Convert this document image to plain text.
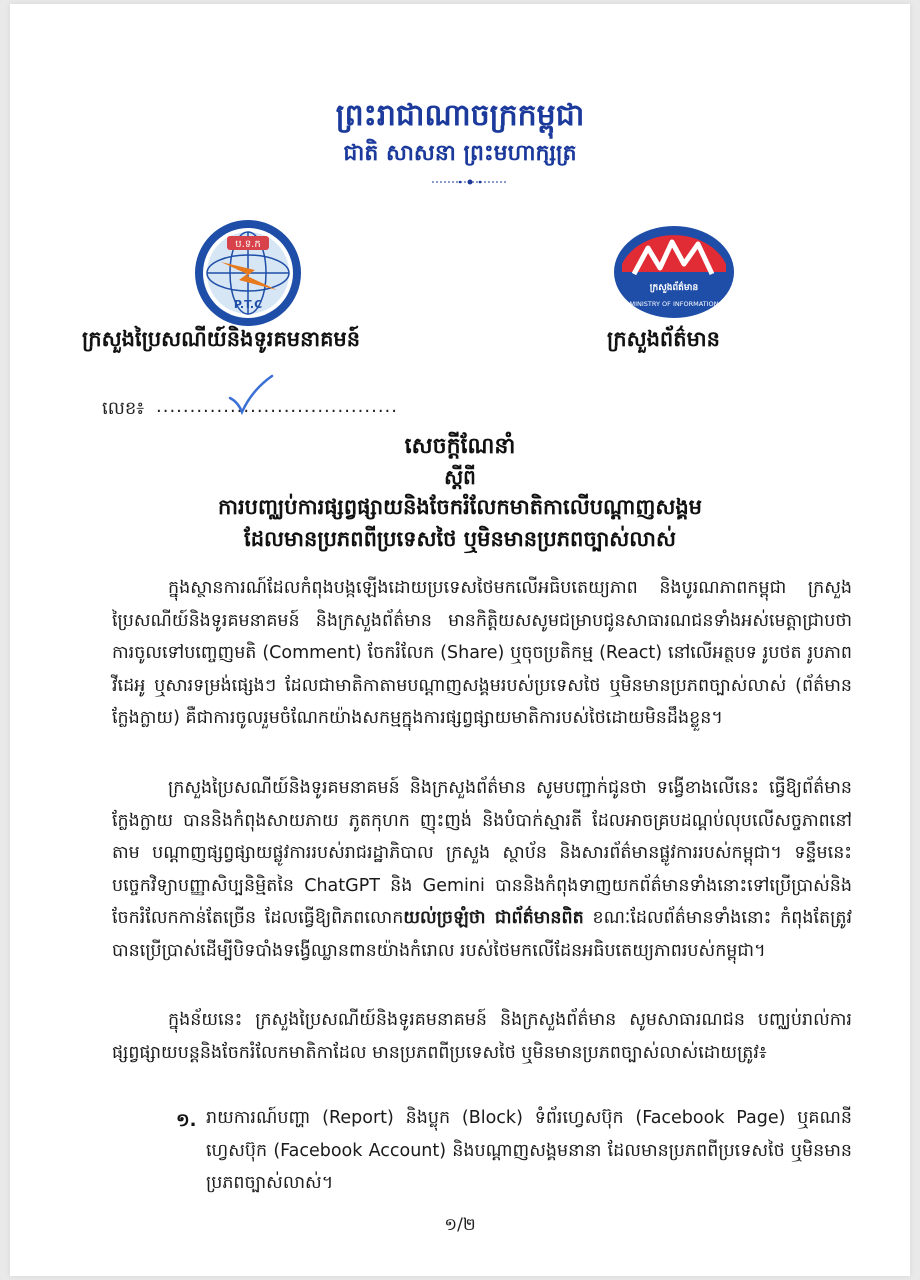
ព្រះរាជាណាចក្រកម្ពុជា
ជាតិ សាសនា ព្រះមហាក្សត្រ
ប.ទ.ក
P.T.C
ក្រសួងព័ត៌មាន
MINISTRY OF INFORMATION
ក្រសួងប្រៃសណីយ៍និងទូរគមនាគមន៍	ក្រសួងព័ត៌មាន
លេខ៖ ....................................
សេចក្តីណែនាំ
ស្តីពី
ការបញ្ឈប់ការផ្សព្វផ្សាយនិងចែករំលែកមាតិកាលើបណ្តាញសង្គម
ដែលមានប្រភពពីប្រទេសថៃ ឬមិនមានប្រភពច្បាស់លាស់
ក្នុងស្ថានការណ៍ដែលកំពុងបង្កឡើងដោយប្រទេសថៃមកលើអធិបតេយ្យភាព និងបូរណភាពកម្ពុជា ក្រសួងប្រៃសណីយ៍និងទូរគមនាគមន៍ និងក្រសួងព័ត៌មាន មានកិត្តិយសសូមជម្រាបជូនសាធារណជនទាំងអស់មេត្តាជ្រាបថា ការចូលទៅបញ្ចេញមតិ (Comment) ចែករំលែក (Share) ឬចុចប្រតិកម្ម (React) នៅលើអត្ថបទ រូបថត រូបភាព វីដេអូ ឬសារទម្រង់ផ្សេងៗ ដែលជាមាតិកាតាមបណ្តាញសង្គមរបស់ប្រទេសថៃ ឬមិនមានប្រភពច្បាស់លាស់ (ព័ត៌មានក្លែងក្លាយ) គឺជាការចូលរួមចំណែកយ៉ាងសកម្មក្នុងការផ្សព្វផ្សាយមាតិការបស់ថៃដោយមិនដឹងខ្លួន។
ក្រសួងប្រៃសណីយ៍និងទូរគមនាគមន៍ និងក្រសួងព័ត៌មាន សូមបញ្ជាក់ជូនថា ទង្វើខាងលើនេះ ធ្វើឱ្យព័ត៌មានក្លែងក្លាយ បាននិងកំពុងសាយភាយ ភូតកុហក ញុះញង់ និងបំបាក់ស្មារតី ដែលអាចគ្របដណ្តប់លុបលើសច្ចភាពនៅតាម បណ្តាញផ្សព្វផ្សាយផ្លូវការរបស់រាជរដ្ឋាភិបាល ក្រសួង ស្ថាប័ន និងសារព័ត៌មានផ្លូវការរបស់កម្ពុជា។ ទន្ទឹមនេះ បច្ចេកវិទ្យាបញ្ញាសិប្បនិម្មិតនៃ ChatGPT និង Gemini បាននិងកំពុងទាញយកព័ត៌មានទាំងនោះទៅប្រើប្រាស់និងចែករំលែកកាន់តែច្រើន ដែលធ្វើឱ្យពិភពលោកយល់ច្រឡំថា ជាព័ត៌មានពិត ខណៈដែលព័ត៌មានទាំងនោះ កំពុងតែត្រូវបានប្រើប្រាស់ដើម្បីបិទបាំងទង្វើឈ្លានពានយ៉ាងកំរោល របស់ថៃមកលើដែនអធិបតេយ្យភាពរបស់កម្ពុជា។
ក្នុងន័យនេះ ក្រសួងប្រៃសណីយ៍និងទូរគមនាគមន៍ និងក្រសួងព័ត៌មាន សូមសាធារណជន បញ្ឈប់រាល់ការផ្សព្វផ្សាយបន្តនិងចែករំលែកមាតិកាដែល មានប្រភពពីប្រទេសថៃ ឬមិនមានប្រភពច្បាស់លាស់ដោយត្រូវ៖
១. រាយការណ៍បញ្ហា (Report) និងប្លុក (Block) ទំព័រហ្វេសប៊ុក (Facebook Page) ឬគណនីហ្វេសប៊ុក (Facebook Account) និងបណ្តាញសង្គមនានា ដែលមានប្រភពពីប្រទេសថៃ ឬមិនមានប្រភពច្បាស់លាស់។
១/២
